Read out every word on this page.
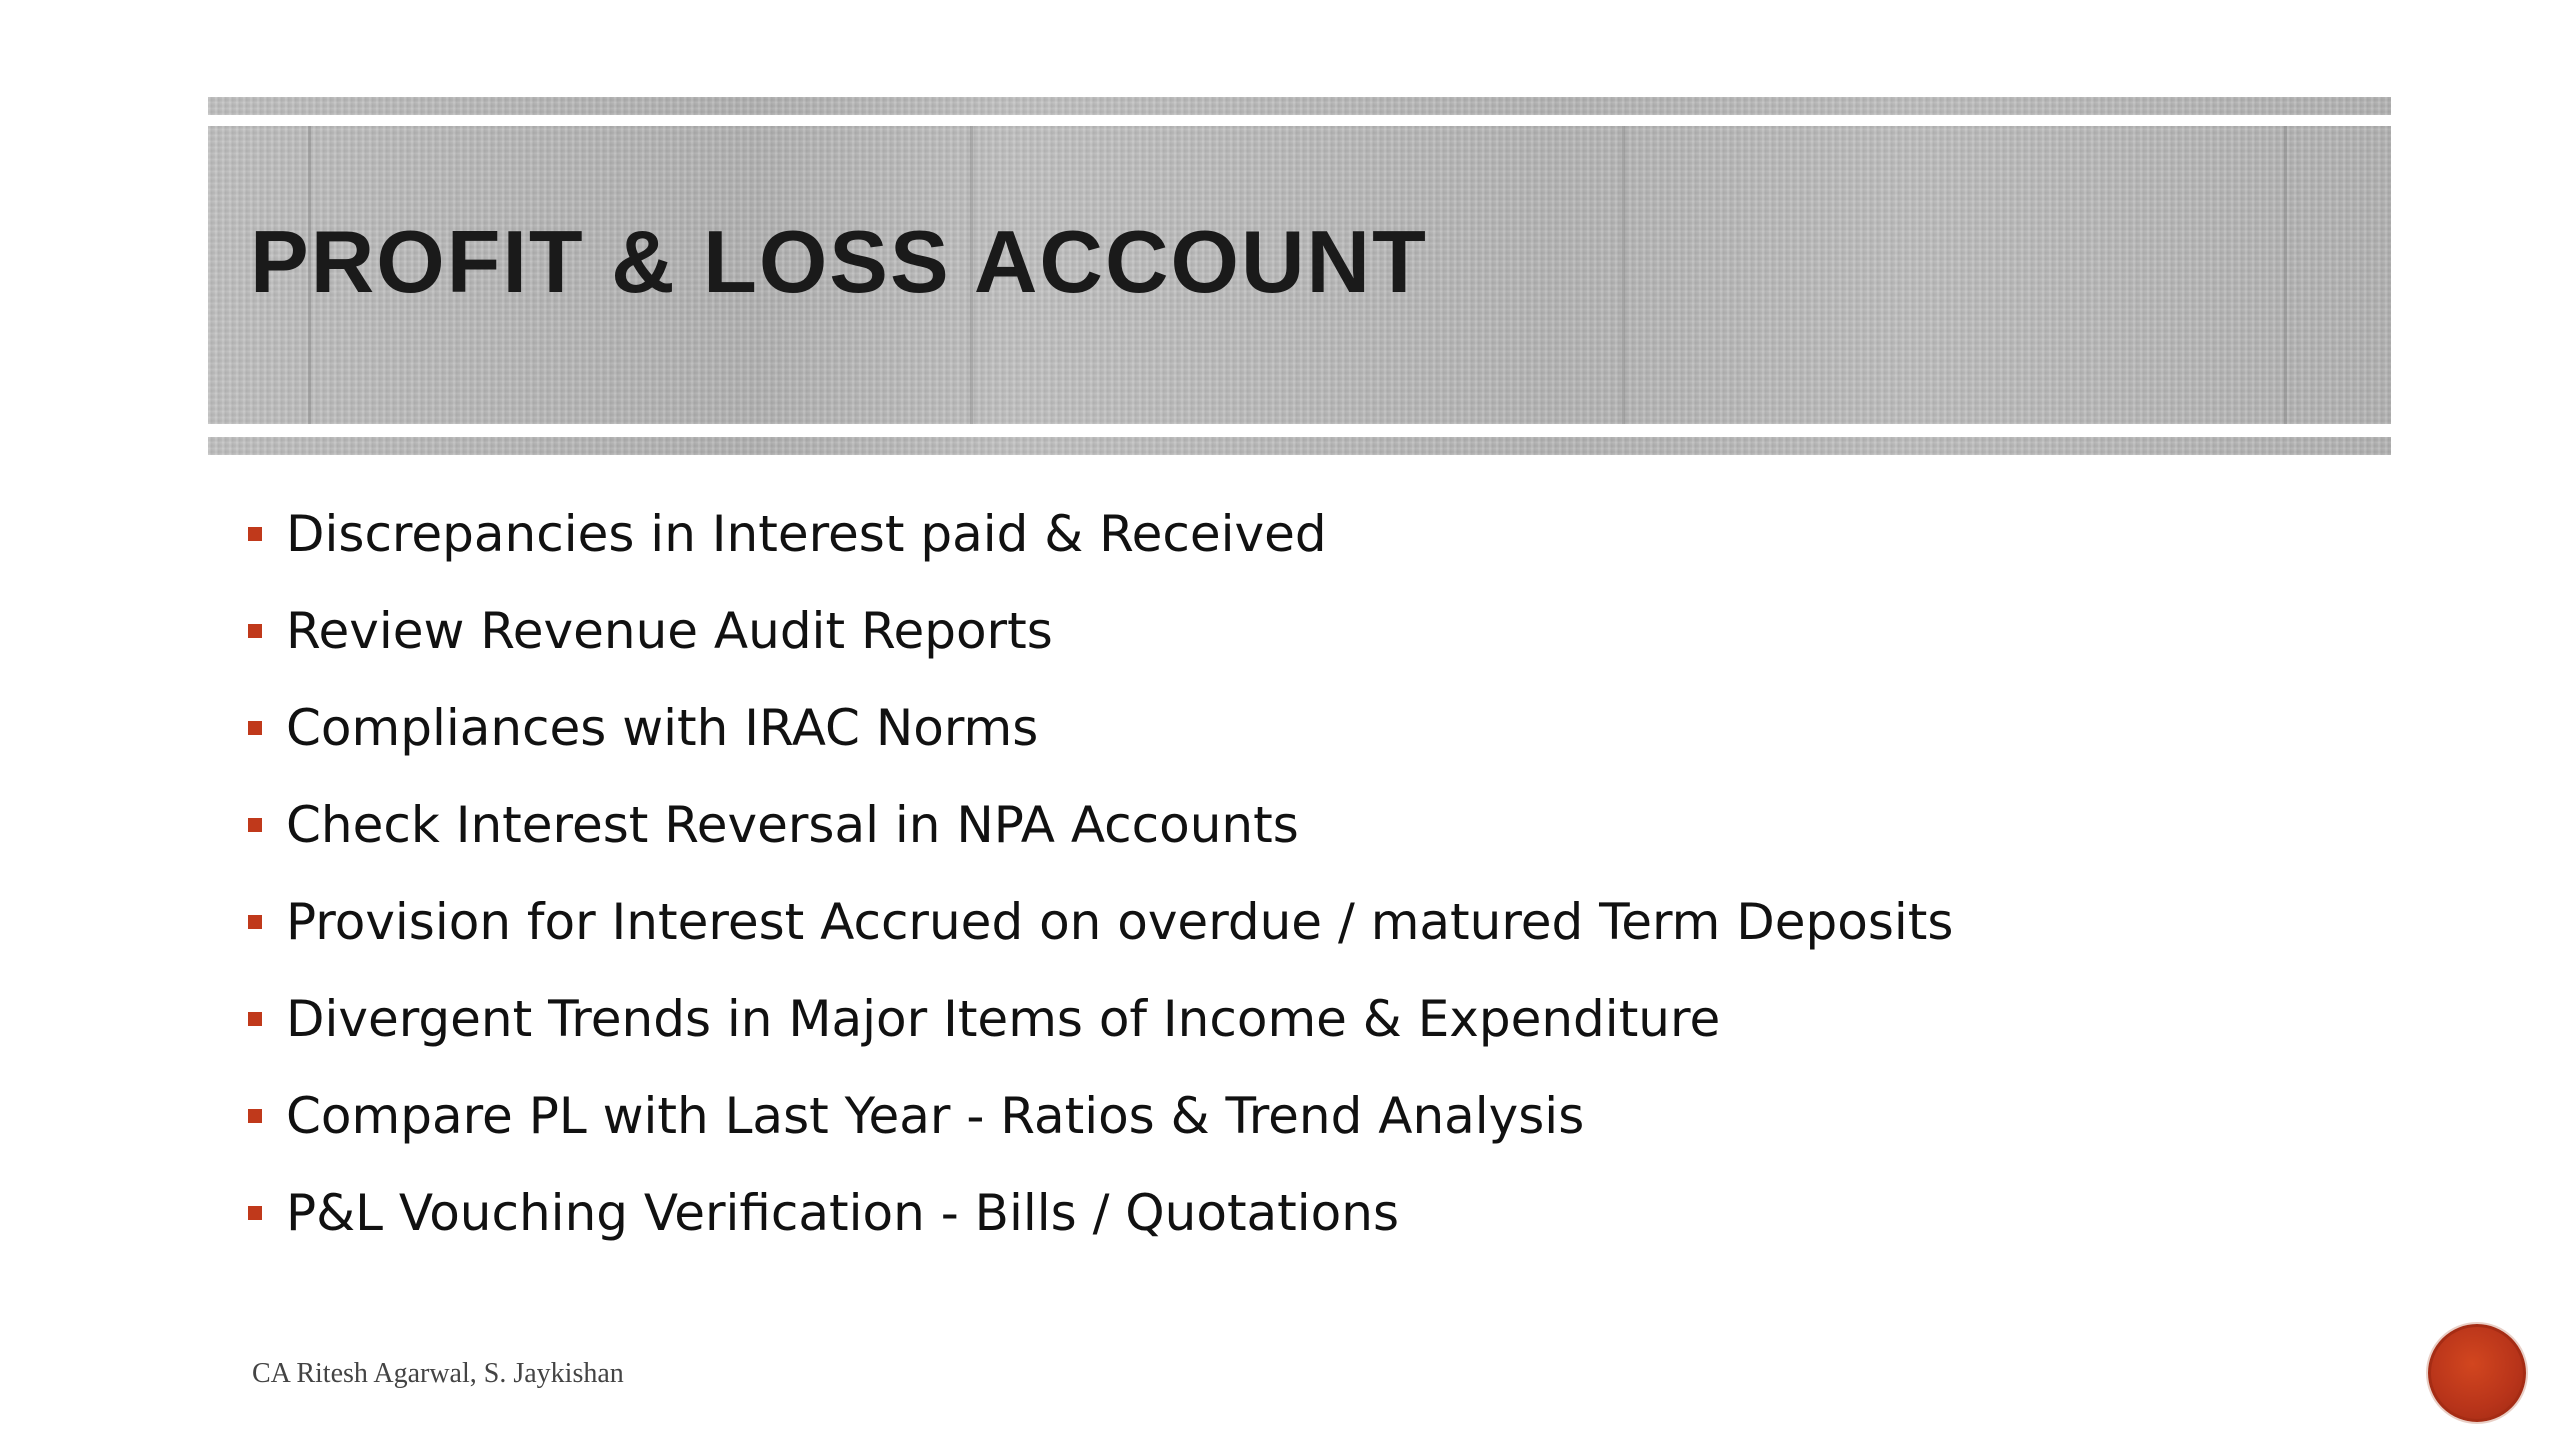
PROFIT & LOSS ACCOUNT
Discrepancies in Interest paid & Received
Review Revenue Audit Reports
Compliances with IRAC Norms
Check Interest Reversal in NPA Accounts
Provision for Interest Accrued on overdue / matured Term Deposits
Divergent Trends in Major Items of Income & Expenditure
Compare PL with Last Year - Ratios & Trend Analysis
P&L Vouching Verification - Bills / Quotations
CA Ritesh Agarwal, S. Jaykishan
